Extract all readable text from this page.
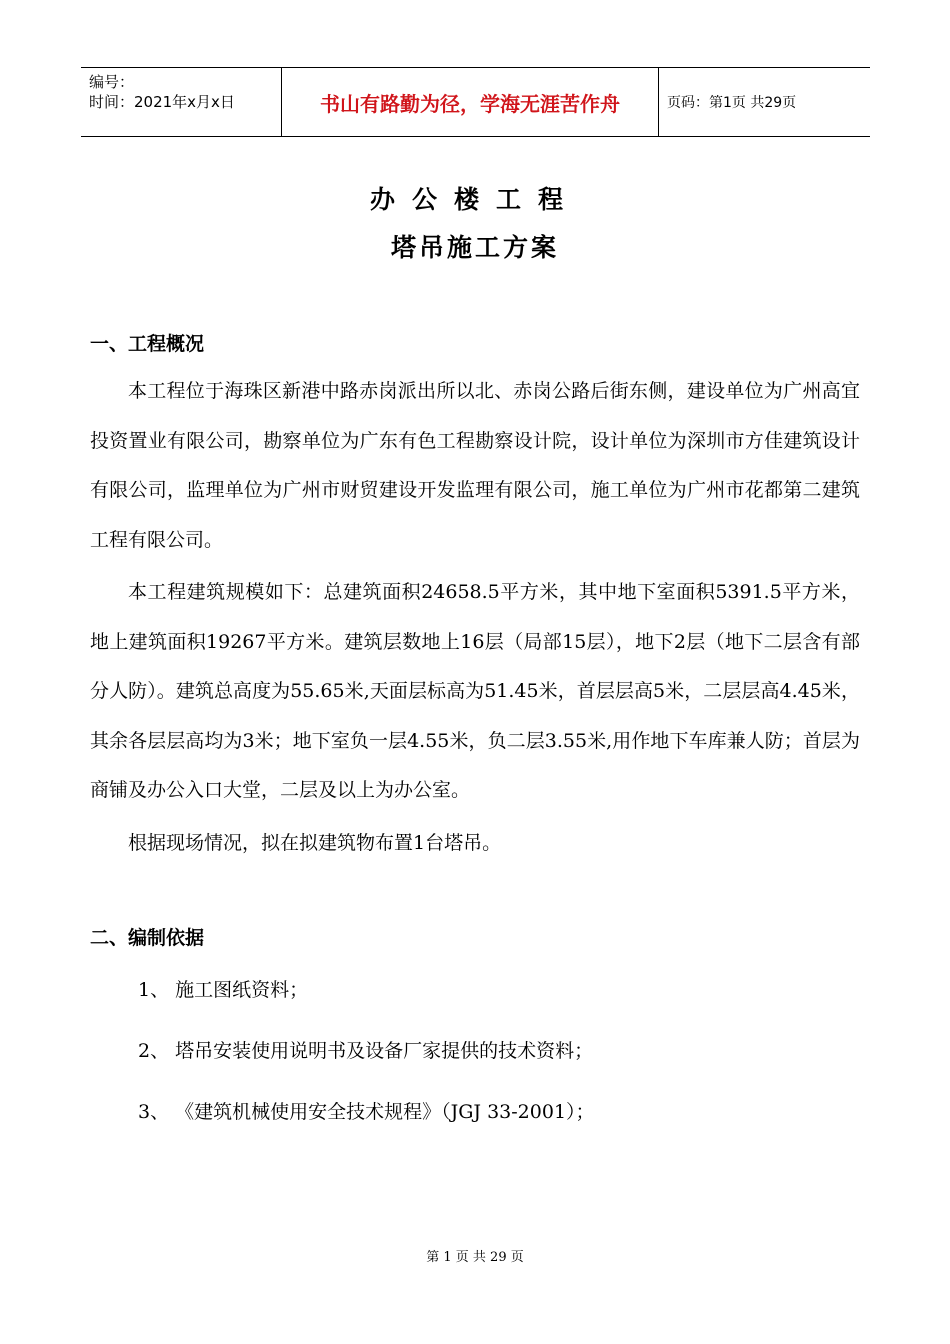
编号：
时间：2021年x月x日	书山有路勤为径，学海无涯苦作舟	页码：第1页 共29页
办公楼工程
塔吊施工方案

一、工程概况

本工程位于海珠区新港中路赤岗派出所以北、赤岗公路后街东侧，建设单位为广州高宜投资置业有限公司，勘察单位为广东有色工程勘察设计院，设计单位为深圳市方佳建筑设计有限公司，监理单位为广州市财贸建设开发监理有限公司，施工单位为广州市花都第二建筑工程有限公司。

本工程建筑规模如下：总建筑面积24658.5平方米，其中地下室面积5391.5平方米，地上建筑面积19267平方米。建筑层数地上16层（局部15层），地下2层（地下二层含有部分人防）。建筑总高度为55.65米,天面层标高为51.45米，首层层高5米，二层层高4.45米，其余各层层高均为3米；地下室负一层4.55米，负二层3.55米,用作地下车库兼人防；首层为商铺及办公入口大堂，二层及以上为办公室。

根据现场情况，拟在拟建筑物布置1台塔吊。

二、编制依据

1、 施工图纸资料；

2、 塔吊安装使用说明书及设备厂家提供的技术资料；

3、 《建筑机械使用安全技术规程》（JGJ 33-2001）；

第 1 页 共 29 页
